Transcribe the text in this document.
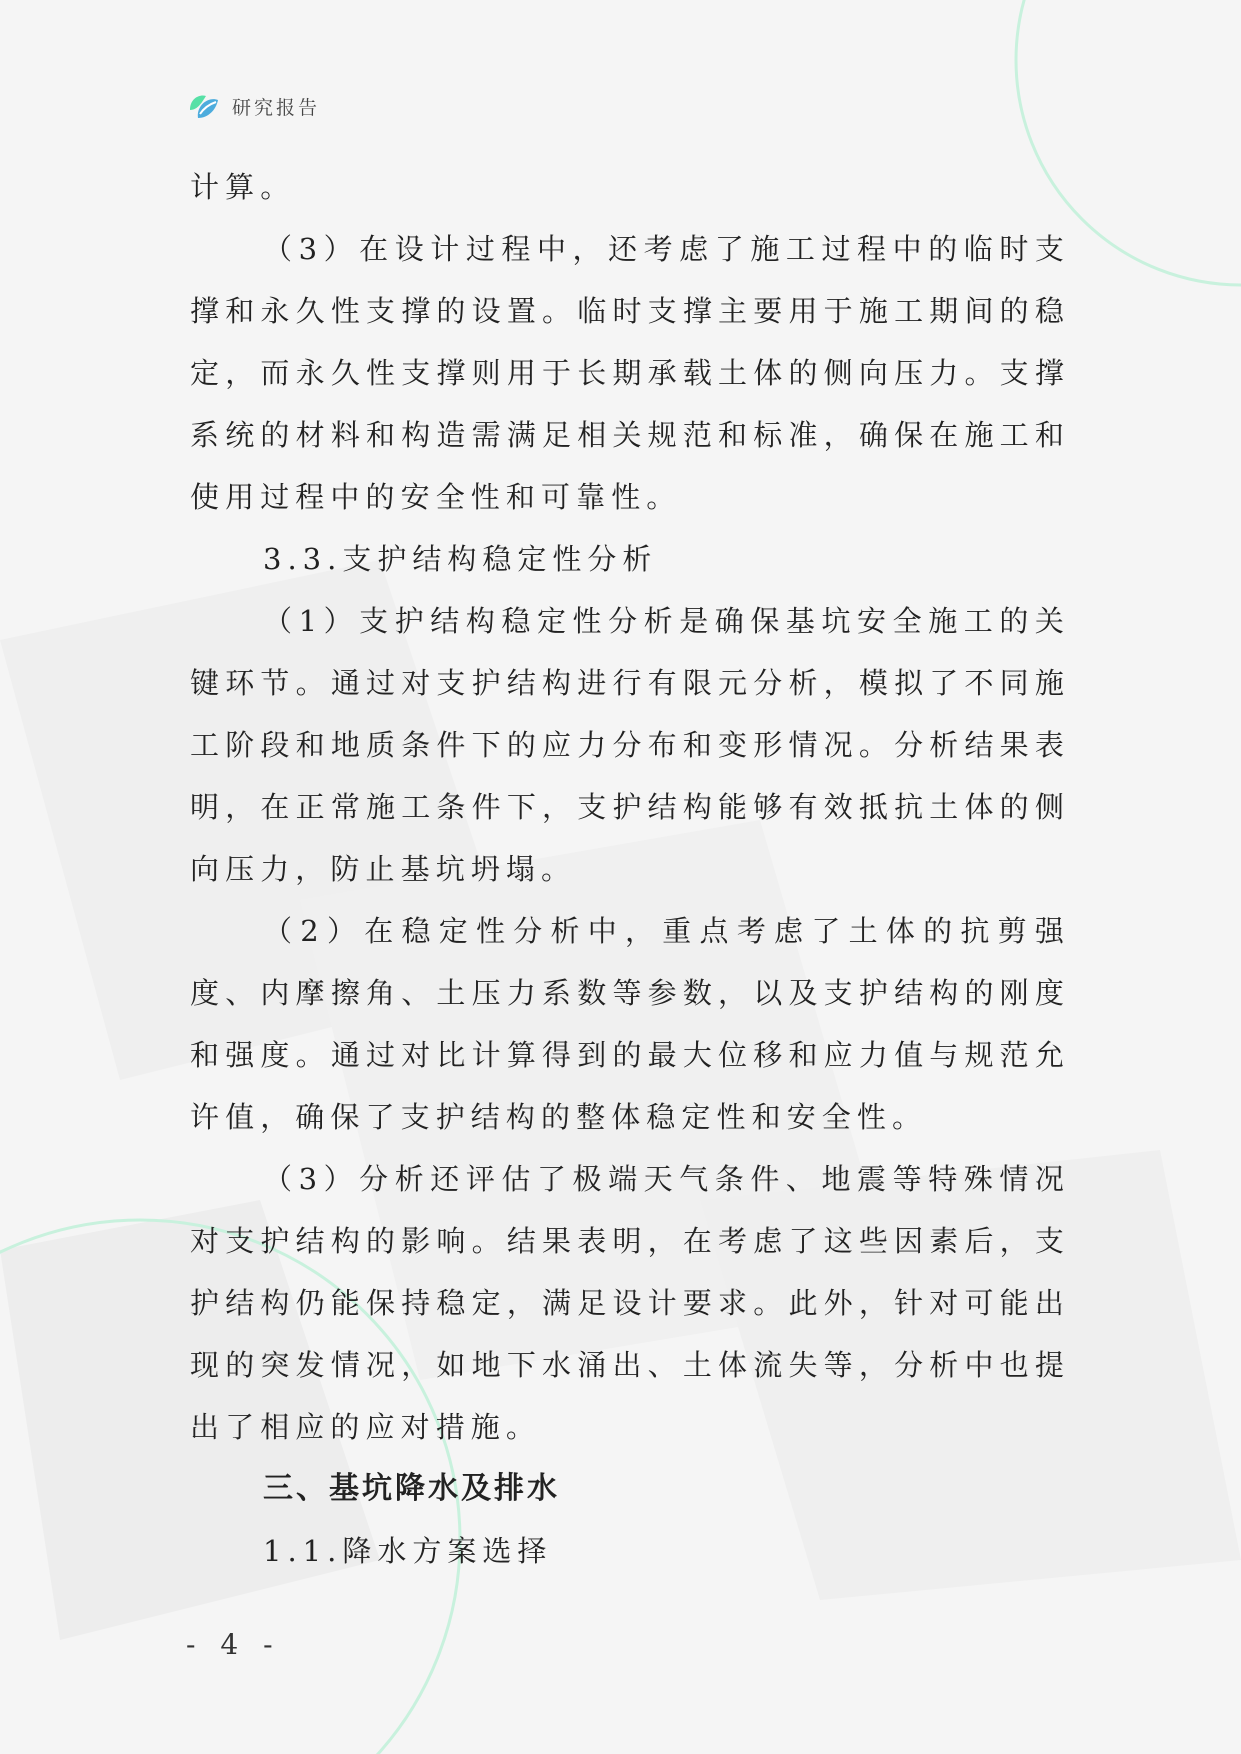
研究报告

计算。

（3）在设计过程中，还考虑了施工过程中的临时支撑和永久性支撑的设置。临时支撑主要用于施工期间的稳定，而永久性支撑则用于长期承载土体的侧向压力。支撑系统的材料和构造需满足相关规范和标准，确保在施工和使用过程中的安全性和可靠性。

3.3.支护结构稳定性分析

（1）支护结构稳定性分析是确保基坑安全施工的关键环节。通过对支护结构进行有限元分析，模拟了不同施工阶段和地质条件下的应力分布和变形情况。分析结果表明，在正常施工条件下，支护结构能够有效抵抗土体的侧向压力，防止基坑坍塌。

（2）在稳定性分析中，重点考虑了土体的抗剪强度、内摩擦角、土压力系数等参数，以及支护结构的刚度和强度。通过对比计算得到的最大位移和应力值与规范允许值，确保了支护结构的整体稳定性和安全性。

（3）分析还评估了极端天气条件、地震等特殊情况对支护结构的影响。结果表明，在考虑了这些因素后，支护结构仍能保持稳定，满足设计要求。此外，针对可能出现的突发情况，如地下水涌出、土体流失等，分析中也提出了相应的应对措施。

三、基坑降水及排水

1.1.降水方案选择

- 4 -
